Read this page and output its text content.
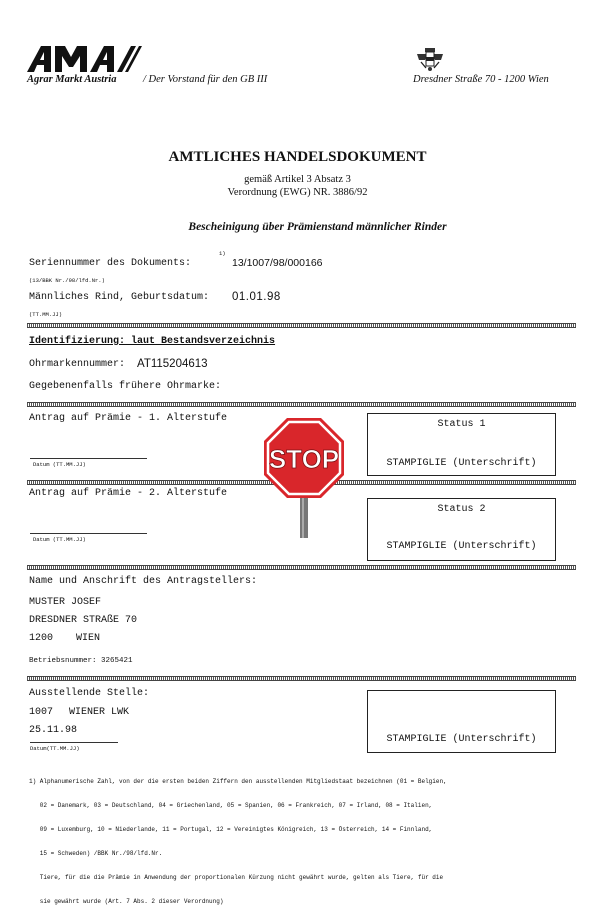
Agrar Markt Austria	/ Der Vorstand für den GB III	Dresdner Straße 70 - 1200 Wien
AMTLICHES HANDELSDOKUMENT
gemäß Artikel 3 Absatz 3
Verordnung (EWG) NR. 3886/92
Bescheinigung über Prämienstand männlicher Rinder
Seriennummer des Dokuments:
1)
13/1007/98/000166
(13/BBK Nr./98/lfd.Nr.)
Männliches Rind, Geburtsdatum: 01.01.98
(TT.MM.JJ)
Identifizierung: laut Bestandsverzeichnis
Ohrmarkennummer: AT115204613
Gegebenenfalls frühere Ohrmarke:
Antrag auf Prämie - 1. Alterstufe
Datum (TT.MM.JJ)
Status 1
STAMPIGLIE (Unterschrift)
Antrag auf Prämie - 2. Alterstufe
Datum (TT.MM.JJ)
Status 2
STAMPIGLIE (Unterschrift)
STOP
Name und Anschrift des Antragstellers:
MUSTER JOSEF
DRESDNER STRAßE 70
1200 WIEN
Betriebsnummer: 3265421
Ausstellende Stelle:
1007 WIENER LWK
25.11.98
Datum(TT.MM.JJ)
STAMPIGLIE (Unterschrift)

1) Alphanumerische Zahl, von der die ersten beiden Ziffern den ausstellenden Mitgliedstaat bezeichnen (01 = Belgien,

02 = Danemark, 03 = Deutschland, 04 = Griechenland, 05 = Spanien, 06 = Frankreich, 07 = Irland, 08 = Italien,

09 = Luxemburg, 10 = Niederlande, 11 = Portugal, 12 = Vereinigtes Königreich, 13 = Österreich, 14 = Finnland,

15 = Schweden) /BBK Nr./98/lfd.Nr.

Tiere, für die die Prämie in Anwendung der proportionalen Kürzung nicht gewährt wurde, gelten als Tiere, für die

sie gewährt wurde (Art. 7 Abs. 2 dieser Verordnung)
